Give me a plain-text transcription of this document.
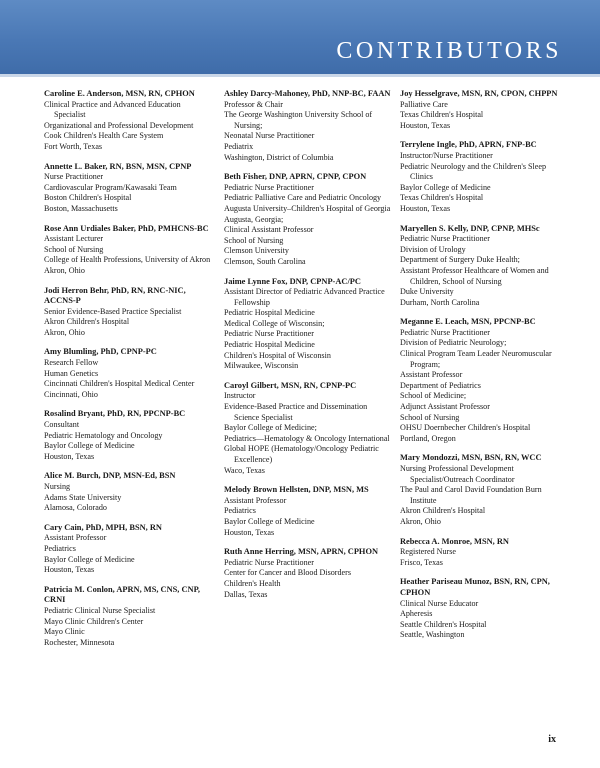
CONTRIBUTORS
Caroline E. Anderson, MSN, RN, CPHON
Clinical Practice and Advanced Education Specialist
Organizational and Professional Development
Cook Children's Health Care System
Fort Worth, Texas
Annette L. Baker, RN, BSN, MSN, CPNP
Nurse Practitioner
Cardiovascular Program/Kawasaki Team
Boston Children's Hospital
Boston, Massachusetts
Rose Ann Urdiales Baker, PhD, PMHCNS-BC
Assistant Lecturer
School of Nursing
College of Health Professions, University of Akron
Akron, Ohio
Jodi Herron Behr, PhD, RN, RNC-NIC, ACCNS-P
Senior Evidence-Based Practice Specialist
Akron Children's Hospital
Akron, Ohio
Amy Blumling, PhD, CPNP-PC
Research Fellow
Human Genetics
Cincinnati Children's Hospital Medical Center
Cincinnati, Ohio
Rosalind Bryant, PhD, RN, PPCNP-BC
Consultant
Pediatric Hematology and Oncology
Baylor College of Medicine
Houston, Texas
Alice M. Burch, DNP, MSN-Ed, BSN
Nursing
Adams State University
Alamosa, Colorado
Cary Cain, PhD, MPH, BSN, RN
Assistant Professor
Pediatrics
Baylor College of Medicine
Houston, Texas
Patricia M. Conlon, APRN, MS, CNS, CNP, CRNI
Pediatric Clinical Nurse Specialist
Mayo Clinic Children's Center
Mayo Clinic
Rochester, Minnesota
Ashley Darcy-Mahoney, PhD, NNP-BC, FAAN
Professor & Chair
The George Washington University School of Nursing;
Neonatal Nurse Practitioner
Pediatrix
Washington, District of Columbia
Beth Fisher, DNP, APRN, CPNP, CPON
Pediatric Nurse Practitioner
Pediatric Palliative Care and Pediatric Oncology
Augusta University–Children's Hospital of Georgia
Augusta, Georgia;
Clinical Assistant Professor
School of Nursing
Clemson University
Clemson, South Carolina
Jaime Lynne Fox, DNP, CPNP-AC/PC
Assistant Director of Pediatric Advanced Practice Fellowship
Pediatric Hospital Medicine
Medical College of Wisconsin;
Pediatric Nurse Practitioner
Pediatric Hospital Medicine
Children's Hospital of Wisconsin
Milwaukee, Wisconsin
Caroyl Gilbert, MSN, RN, CPNP-PC
Instructor
Evidence-Based Practice and Dissemination Science Specialist
Baylor College of Medicine;
Pediatrics—Hematology & Oncology International
Global HOPE (Hematology/Oncology Pediatric Excellence)
Waco, Texas
Melody Brown Hellsten, DNP, MSN, MS
Assistant Professor
Pediatrics
Baylor College of Medicine
Houston, Texas
Ruth Anne Herring, MSN, APRN, CPHON
Pediatric Nurse Practitioner
Center for Cancer and Blood Disorders
Children's Health
Dallas, Texas
Joy Hesselgrave, MSN, RN, CPON, CHPPN
Palliative Care
Texas Children's Hospital
Houston, Texas
Terrylene Ingle, PhD, APRN, FNP-BC
Instructor/Nurse Practitioner
Pediatric Neurology and the Children's Sleep Clinics
Baylor College of Medicine
Texas Children's Hospital
Houston, Texas
Maryellen S. Kelly, DNP, CPNP, MHSc
Pediatric Nurse Practitioner
Division of Urology
Department of Surgery Duke Health;
Assistant Professor Healthcare of Women and Children, School of Nursing
Duke University
Durham, North Carolina
Meganne E. Leach, MSN, PPCNP-BC
Pediatric Nurse Practitioner
Division of Pediatric Neurology;
Clinical Program Team Leader Neuromuscular Program;
Assistant Professor
Department of Pediatrics
School of Medicine;
Adjunct Assistant Professor
School of Nursing
OHSU Doernbecher Children's Hospital
Portland, Oregon
Mary Mondozzi, MSN, BSN, RN, WCC
Nursing Professional Development Specialist/Outreach Coordinator
The Paul and Carol David Foundation Burn Institute
Akron Children's Hospital
Akron, Ohio
Rebecca A. Monroe, MSN, RN
Registered Nurse
Frisco, Texas
Heather Pariseau Munoz, BSN, RN, CPN, CPHON
Clinical Nurse Educator
Apheresis
Seattle Children's Hospital
Seattle, Washington
ix
